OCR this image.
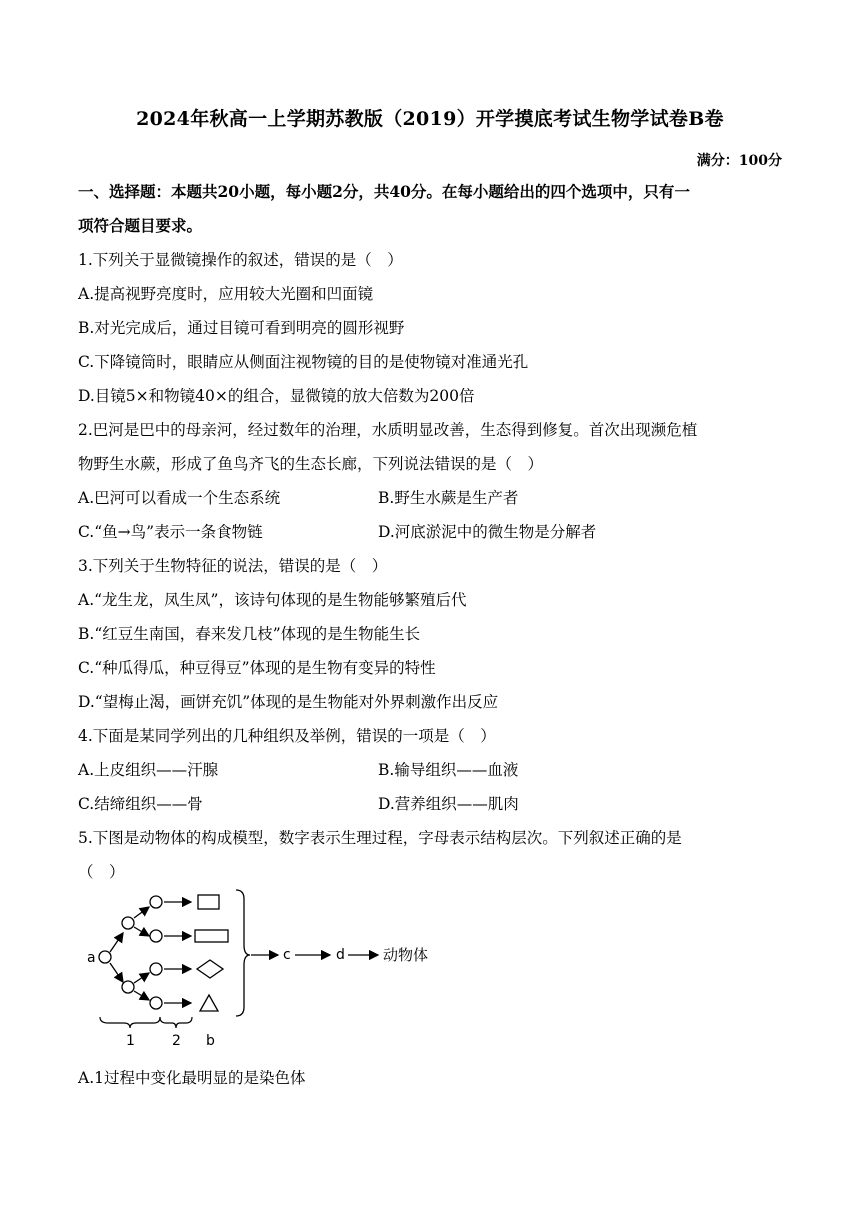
2024年秋高一上学期苏教版（2019）开学摸底考试生物学试卷B卷
满分：100分
一、选择题：本题共20小题，每小题2分，共40分。在每小题给出的四个选项中，只有一
项符合题目要求。
1.下列关于显微镜操作的叙述，错误的是（　）
A.提高视野亮度时，应用较大光圈和凹面镜
B.对光完成后，通过目镜可看到明亮的圆形视野
C.下降镜筒时，眼睛应从侧面注视物镜的目的是使物镜对准通光孔
D.目镜5×和物镜40×的组合，显微镜的放大倍数为200倍
2.巴河是巴中的母亲河，经过数年的治理，水质明显改善，生态得到修复。首次出现濒危植
物野生水蕨，形成了鱼鸟齐飞的生态长廊，下列说法错误的是（　）
A.巴河可以看成一个生态系统	B.野生水蕨是生产者
C.“鱼→鸟”表示一条食物链	D.河底淤泥中的微生物是分解者
3.下列关于生物特征的说法，错误的是（　）
A.“龙生龙，凤生凤”，该诗句体现的是生物能够繁殖后代
B.“红豆生南国，春来发几枝”体现的是生物能生长
C.“种瓜得瓜，种豆得豆”体现的是生物有变异的特性
D.“望梅止渴，画饼充饥”体现的是生物能对外界刺激作出反应
4.下面是某同学列出的几种组织及举例，错误的一项是（　）
A.上皮组织——汗腺	B.输导组织——血液
C.结缔组织——骨	D.营养组织——肌肉
5.下图是动物体的构成模型，数字表示生理过程，字母表示结构层次。下列叙述正确的是
（　）
a	c	d	动物体
1	2 b
A.1过程中变化最明显的是染色体
